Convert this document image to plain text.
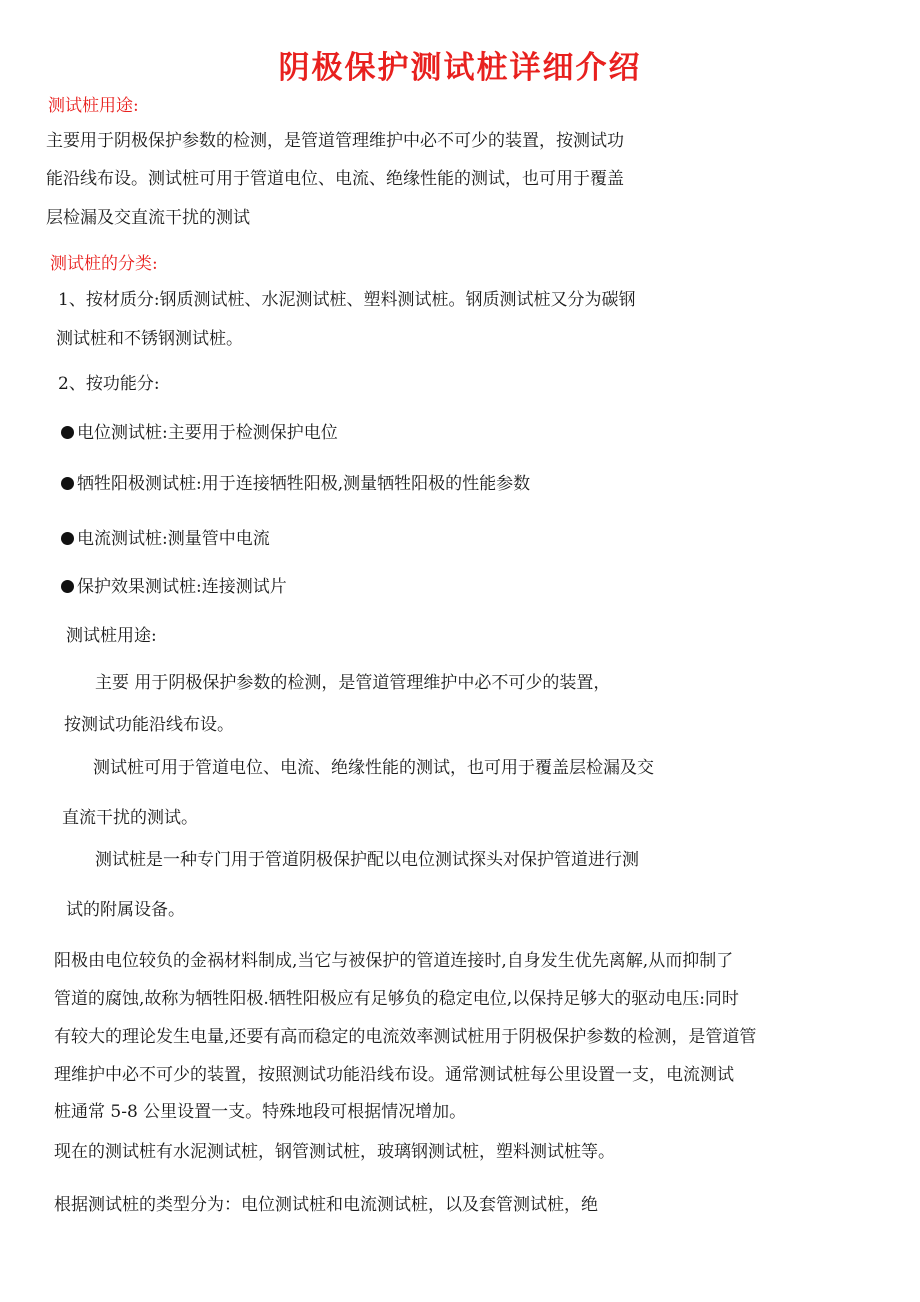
阴极保护测试桩详细介绍
测试桩用途:
主要用于阴极保护参数的检测，是管道管理维护中必不可少的装置，按测试功
能沿线布设。测试桩可用于管道电位、电流、绝缘性能的测试，也可用于覆盖
层检漏及交直流干扰的测试
测试桩的分类:
1、按材质分:钢质测试桩、水泥测试桩、塑料测试桩。钢质测试桩又分为碳钢
测试桩和不锈钢测试桩。
2、按功能分:
电位测试桩:主要用于检测保护电位
牺牲阳极测试桩:用于连接牺牲阳极,测量牺牲阳极的性能参数
电流测试桩:测量管中电流
保护效果测试桩:连接测试片
测试桩用途:
主要 用于阴极保护参数的检测，是管道管理维护中必不可少的装置，
按测试功能沿线布设。
测试桩可用于管道电位、电流、绝缘性能的测试，也可用于覆盖层检漏及交
直流干扰的测试。
测试桩是一种专门用于管道阴极保护配以电位测试探头对保护管道进行测
试的附属设备。
阳极由电位较负的金祸材料制成,当它与被保护的管道连接时,自身发生优先离解,从而抑制了
管道的腐蚀,故称为牺牲阳极.牺牲阳极应有足够负的稳定电位,以保持足够大的驱动电压:同时
有较大的理论发生电量,还要有高而稳定的电流效率测试桩用于阴极保护参数的检测，是管道管
理维护中必不可少的装置，按照测试功能沿线布设。通常测试桩每公里设置一支，电流测试
桩通常 5-8 公里设置一支。特殊地段可根据情况增加。
现在的测试桩有水泥测试桩，钢管测试桩，玻璃钢测试桩，塑料测试桩等。
根据测试桩的类型分为：电位测试桩和电流测试桩，以及套管测试桩，绝
